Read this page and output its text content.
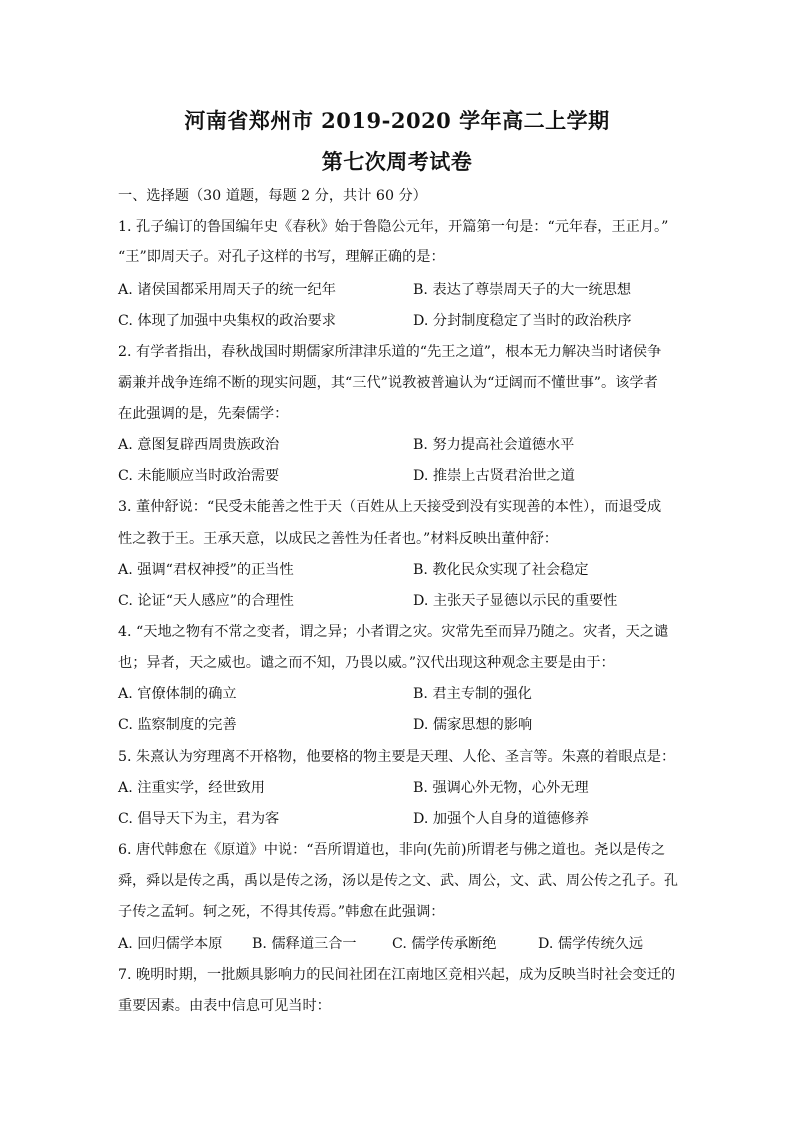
河南省郑州市 2019-2020 学年高二上学期
第七次周考试卷
一、选择题（30 道题，每题 2 分，共计 60 分）
1. 孔子编订的鲁国编年史《春秋》始于鲁隐公元年，开篇第一句是：“元年春，王正月。”
“王”即周天子。对孔子这样的书写，理解正确的是：
A. 诸侯国都采用周天子的统一纪年	B. 表达了尊崇周天子的大一统思想
C. 体现了加强中央集权的政治要求	D. 分封制度稳定了当时的政治秩序
2. 有学者指出，春秋战国时期儒家所津津乐道的“先王之道”，根本无力解决当时诸侯争
霸兼并战争连绵不断的现实问题，其“三代”说教被普遍认为“迂阔而不懂世事”。该学者
在此强调的是，先秦儒学：
A. 意图复辟西周贵族政治	B. 努力提高社会道德水平
C. 未能顺应当时政治需要	D. 推崇上古贤君治世之道
3. 董仲舒说：“民受未能善之性于天（百姓从上天接受到没有实现善的本性），而退受成
性之教于王。王承天意，以成民之善性为任者也。”材料反映出董仲舒：
A. 强调“君权神授”的正当性	B. 教化民众实现了社会稳定
C. 论证“天人感应”的合理性	D. 主张天子显德以示民的重要性
4. “天地之物有不常之变者，谓之异；小者谓之灾。灾常先至而异乃随之。灾者，天之谴
也；异者，天之威也。谴之而不知，乃畏以威。”汉代出现这种观念主要是由于：
A. 官僚体制的确立	B. 君主专制的强化
C. 监察制度的完善	D. 儒家思想的影响
5. 朱熹认为穷理离不开格物，他要格的物主要是天理、人伦、圣言等。朱熹的着眼点是：
A. 注重实学，经世致用	B. 强调心外无物，心外无理
C. 倡导天下为主，君为客	D. 加强个人自身的道德修养
6. 唐代韩愈在《原道》中说：“吾所谓道也，非向(先前)所谓老与佛之道也。尧以是传之
舜，舜以是传之禹，禹以是传之汤，汤以是传之文、武、周公，文、武、周公传之孔子。孔
子传之孟轲。轲之死，不得其传焉。”韩愈在此强调：
A. 回归儒学本原 B. 儒释道三合一 C. 儒学传承断绝	D. 儒学传统久远
7. 晚明时期，一批颇具影响力的民间社团在江南地区竞相兴起，成为反映当时社会变迁的
重要因素。由表中信息可见当时：
